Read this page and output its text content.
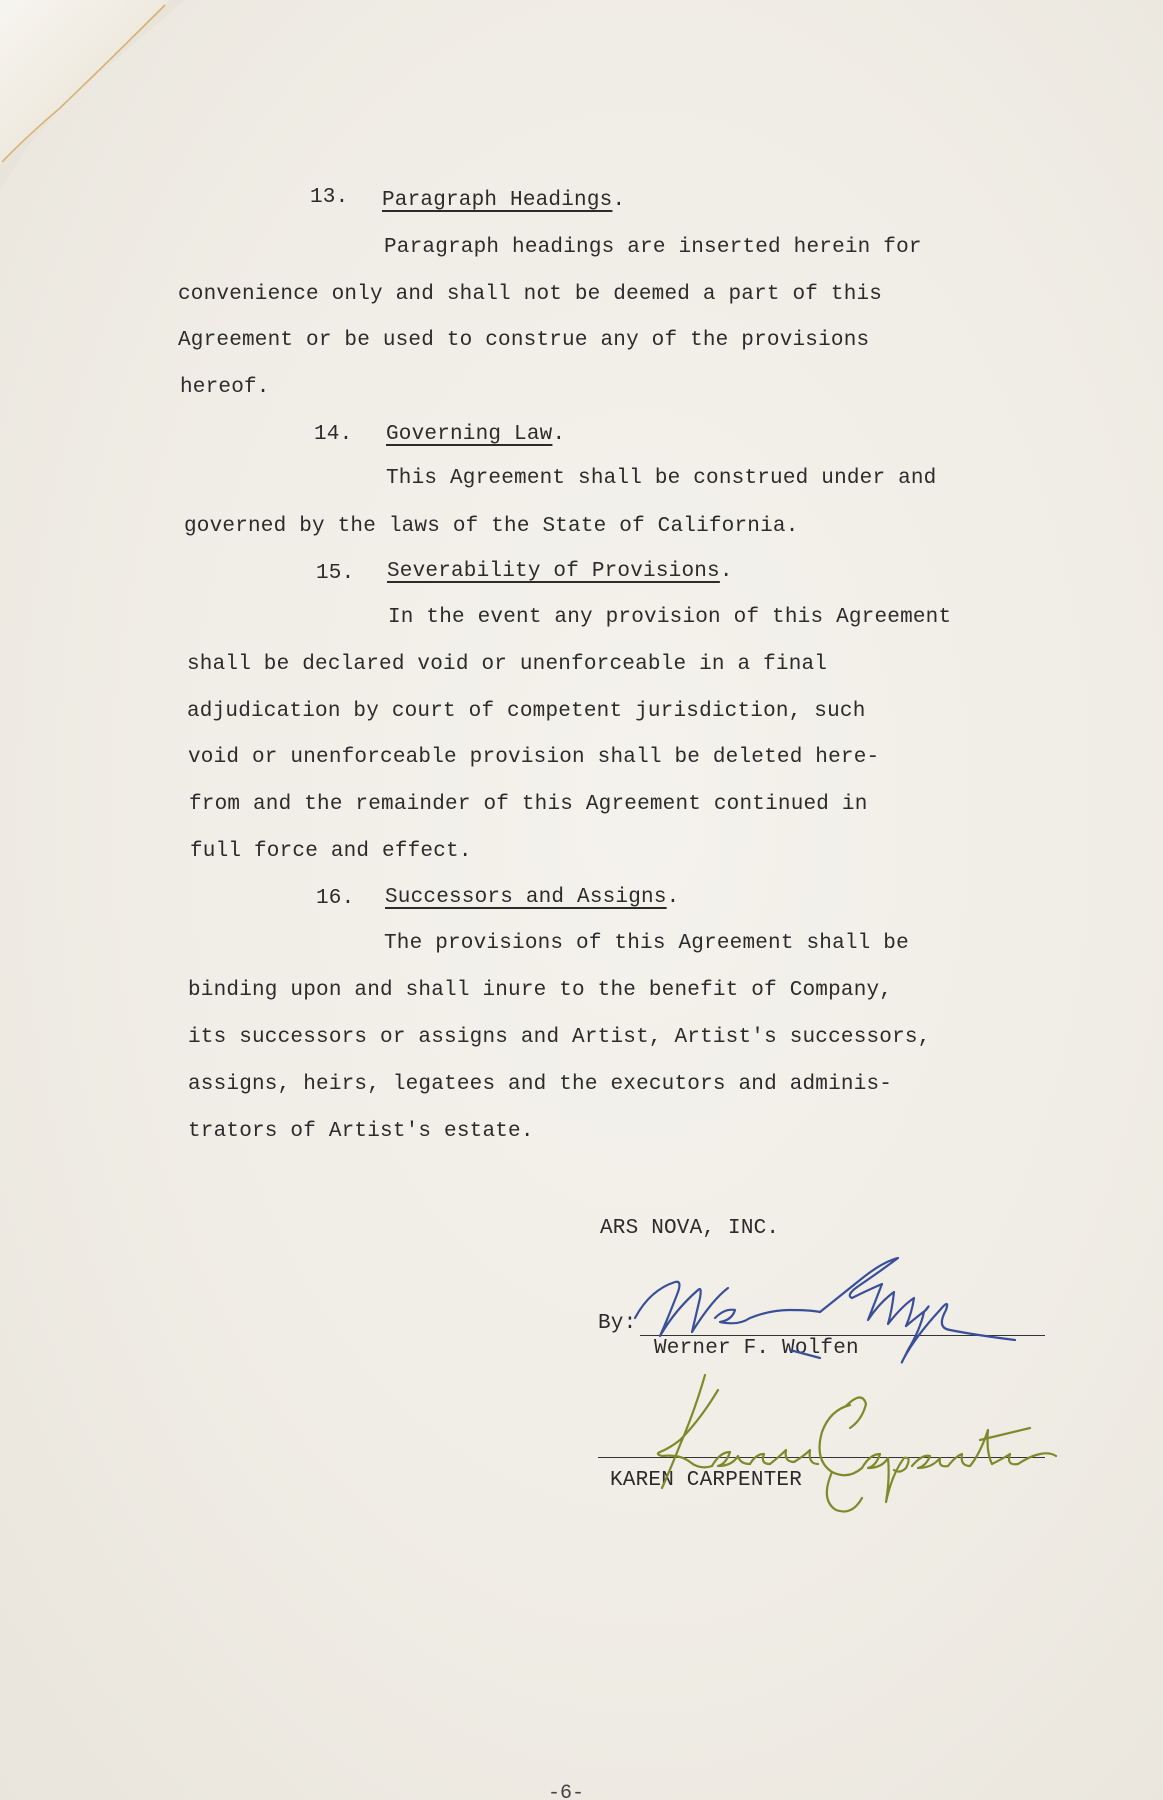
13. Paragraph Headings.
Paragraph headings are inserted herein for
convenience only and shall not be deemed a part of this
Agreement or be used to construe any of the provisions
hereof.
14. Governing Law.
This Agreement shall be construed under and
governed by the laws of the State of California.
15. Severability of Provisions.
In the event any provision of this Agreement
shall be declared void or unenforceable in a final
adjudication by court of competent jurisdiction, such
void or unenforceable provision shall be deleted here-
from and the remainder of this Agreement continued in
full force and effect.
16. Successors and Assigns.
The provisions of this Agreement shall be
binding upon and shall inure to the benefit of Company,
its successors or assigns and Artist, Artist's successors,
assigns, heirs, legatees and the executors and adminis-
trators of Artist's estate.
ARS NOVA, INC.
By:
Werner F. Wolfen
KAREN CARPENTER
-6-
